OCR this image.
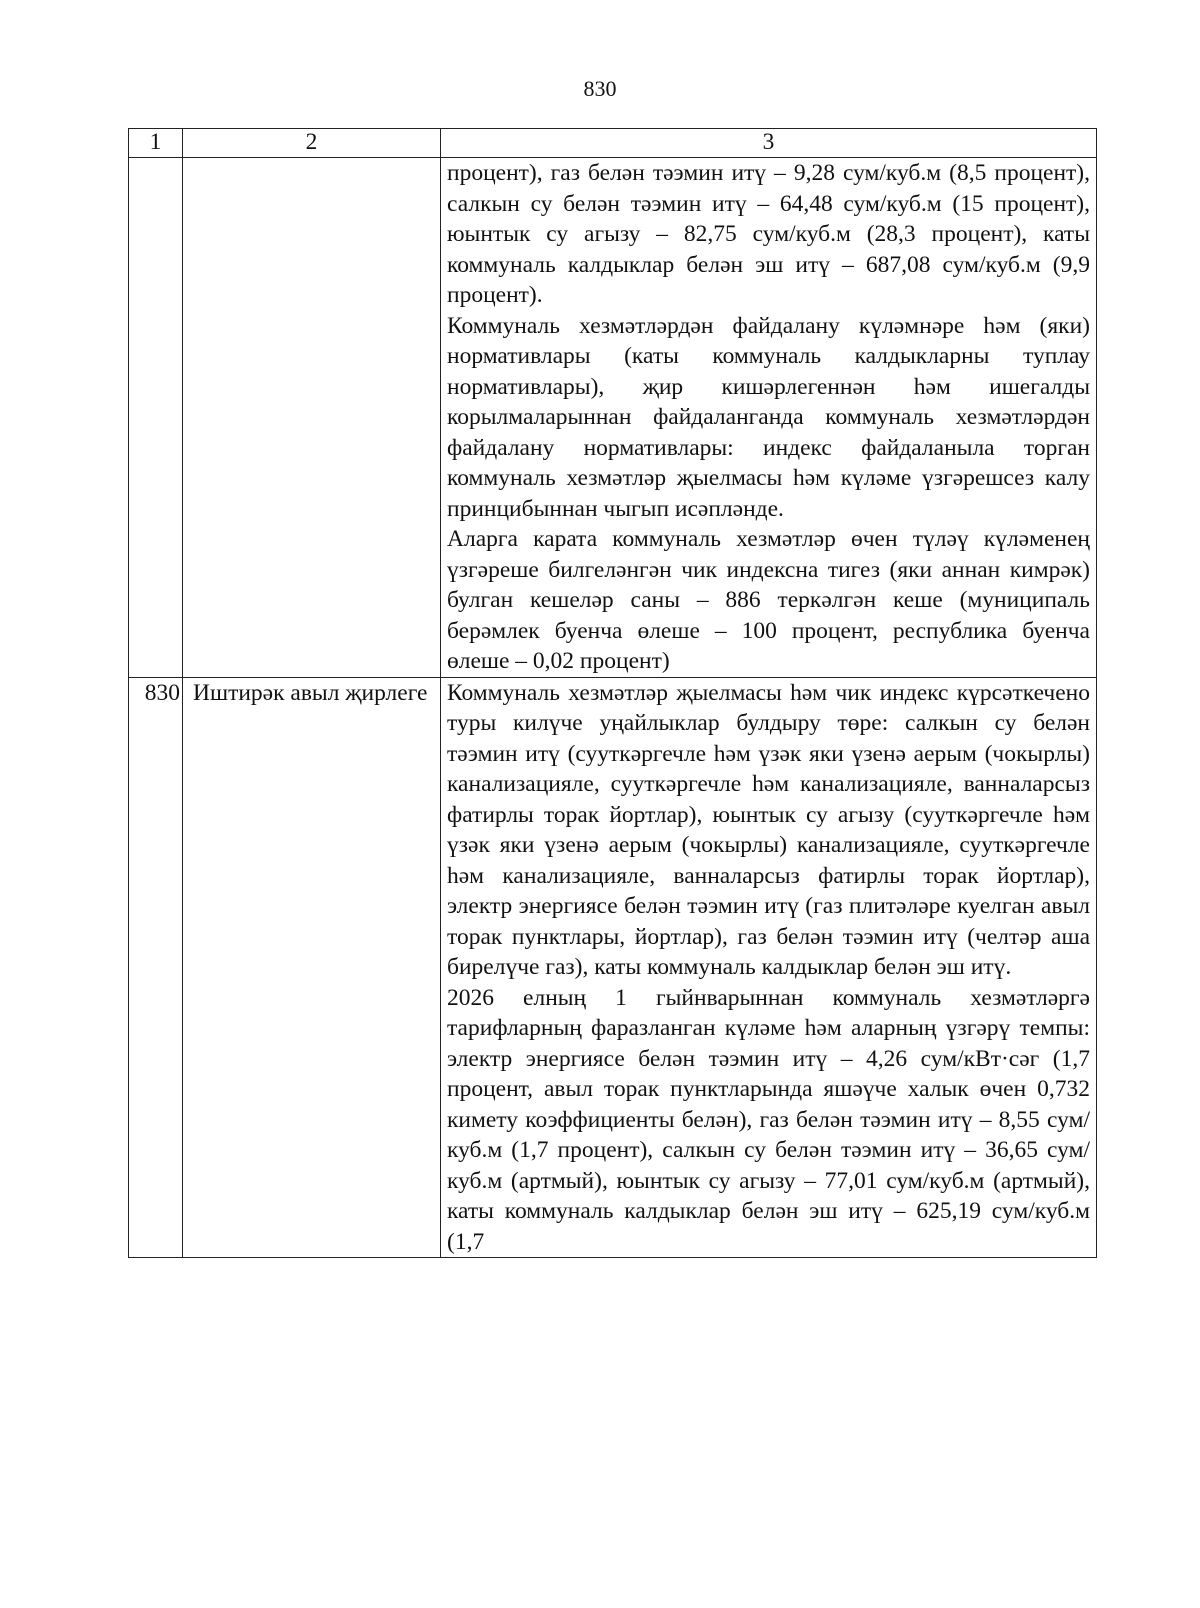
830
1	2	3

		процент), газ белән тәэмин итү – 9,28 сум/куб.м (8,5 процент), салкын су белән тәэмин итү – 64,48 сум/куб.м (15 процент), юынтык су агызу – 82,75 сум/куб.м (28,3 процент), каты коммуналь калдыклар белән эш итү – 687,08 сум/куб.м (9,9 процент).

Коммуналь хезмәтләрдән файдалану күләмнәре һәм (яки) нормативлары (каты коммуналь калдыкларны туплау нормативлары), җир кишәрлегеннән һәм ишегалды корылмаларыннан файдаланганда коммуналь хезмәтләрдән файдалану нормативлары: индекс файдаланыла торган коммуналь хезмәтләр җыелмасы һәм күләме үзгәрешсез калу принцибыннан чыгып исәпләнде.

Аларга карата коммуналь хезмәтләр өчен түләү күләменең үзгәреше билгеләнгән чик индексна тигез (яки аннан кимрәк) булган кешеләр саны – 886 теркәлгән кеше (муниципаль берәмлек буенча өлеше – 100 процент, республика буенча өлеше – 0,02 процент)

830	Иштирәк авыл җирлеге	Коммуналь хезмәтләр җыелмасы һәм чик индекс күрсәткечено туры килүче уңайлыклар булдыру төре: салкын су белән тәэмин итү (сууткәргечле һәм үзәк яки үзенә аерым (чокырлы) канализацияле, сууткәргечле һәм канализацияле, ванналарсыз фатирлы торак йортлар), юынтык су агызу (сууткәргечле һәм үзәк яки үзенә аерым (чокырлы) канализацияле, сууткәргечле һәм канализацияле, ванналарсыз фатирлы торак йортлар), электр энергиясе белән тәэмин итү (газ плитәләре куелган авыл торак пунктлары, йортлар), газ белән тәэмин итү (челтәр аша бирелүче газ), каты коммуналь калдыклар белән эш итү.

2026 елның 1 гыйнварыннан коммуналь хезмәтләргә тарифларның фаразланган күләме һәм аларның үзгәрү темпы: электр энергиясе белән тәэмин итү – 4,26 сум/кВт·сәг (1,7 процент, авыл торак пунктларында яшәүче халык өчен 0,732 кимету коэффициенты белән), газ белән тәэмин итү – 8,55 сум/куб.м (1,7 процент), салкын су белән тәэмин итү – 36,65 сум/куб.м (артмый), юынтык су агызу – 77,01 сум/куб.м (артмый), каты коммуналь калдыклар белән эш итү – 625,19 сум/куб.м (1,7
